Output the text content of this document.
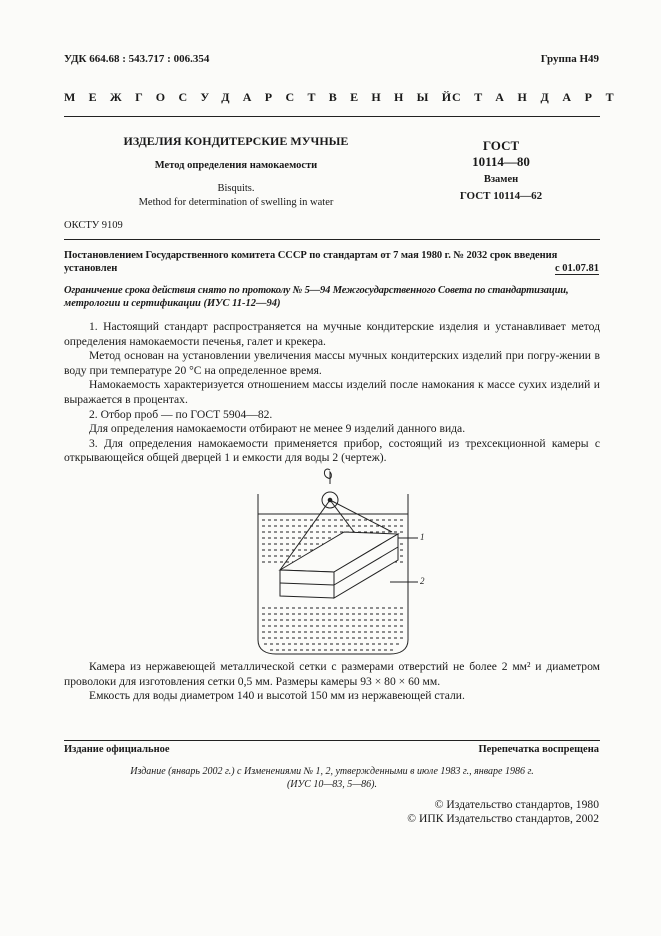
УДК 664.68 : 543.717 : 006.354	Группа Н49
МЕЖГОСУДАРСТВЕННЫЙ
СТАНДАРТ
ИЗДЕЛИЯ КОНДИТЕРСКИЕ МУЧНЫЕ
Метод определения намокаемости
Bisquits.
Method for determination of swelling in water
ГОСТ
10114—80
Взамен
ГОСТ 10114—62
ОКСТУ 9109
Постановлением Государственного комитета СССР по стандартам от 7 мая 1980 г. № 2032 срок введения
установлен	с 01.07.81
Ограничение срока действия снято по протоколу № 5—94 Межгосударственного Совета по стандартизации,
метрологии и сертификации (ИУС 11-12—94)

1. Настоящий стандарт распространяется на мучные кондитерские изделия и устанавливает метод определения намокаемости печенья, галет и крекера.

Метод основан на установлении увеличения массы мучных кондитерских изделий при погру-жении в воду при температуре 20 °С на определенное время.

Намокаемость характеризуется отношением массы изделий после намокания к массе сухих изделий и выражается в процентах.

2. Отбор проб — по ГОСТ 5904—82.

Для определения намокаемости отбирают не менее 9 изделий данного вида.

3. Для определения намокаемости применяется прибор, состоящий из трехсекционной камеры с открывающейся общей дверцей 1 и емкости для воды 2 (чертеж).

1
2

Камера из нержавеющей металлической сетки с размерами отверстий не более 2 мм² и диаметром проволоки для изготовления сетки 0,5 мм. Размеры камеры 93 × 80 × 60 мм.

Емкость для воды диаметром 140 и высотой 150 мм из нержавеющей стали.

Издание официальное	Перепечатка воспрещена
Издание (январь 2002 г.) с Изменениями № 1, 2, утвержденными в июле 1983 г., январе 1986 г.
(ИУС 10—83, 5—86).
© Издательство стандартов, 1980
© ИПК Издательство стандартов, 2002
